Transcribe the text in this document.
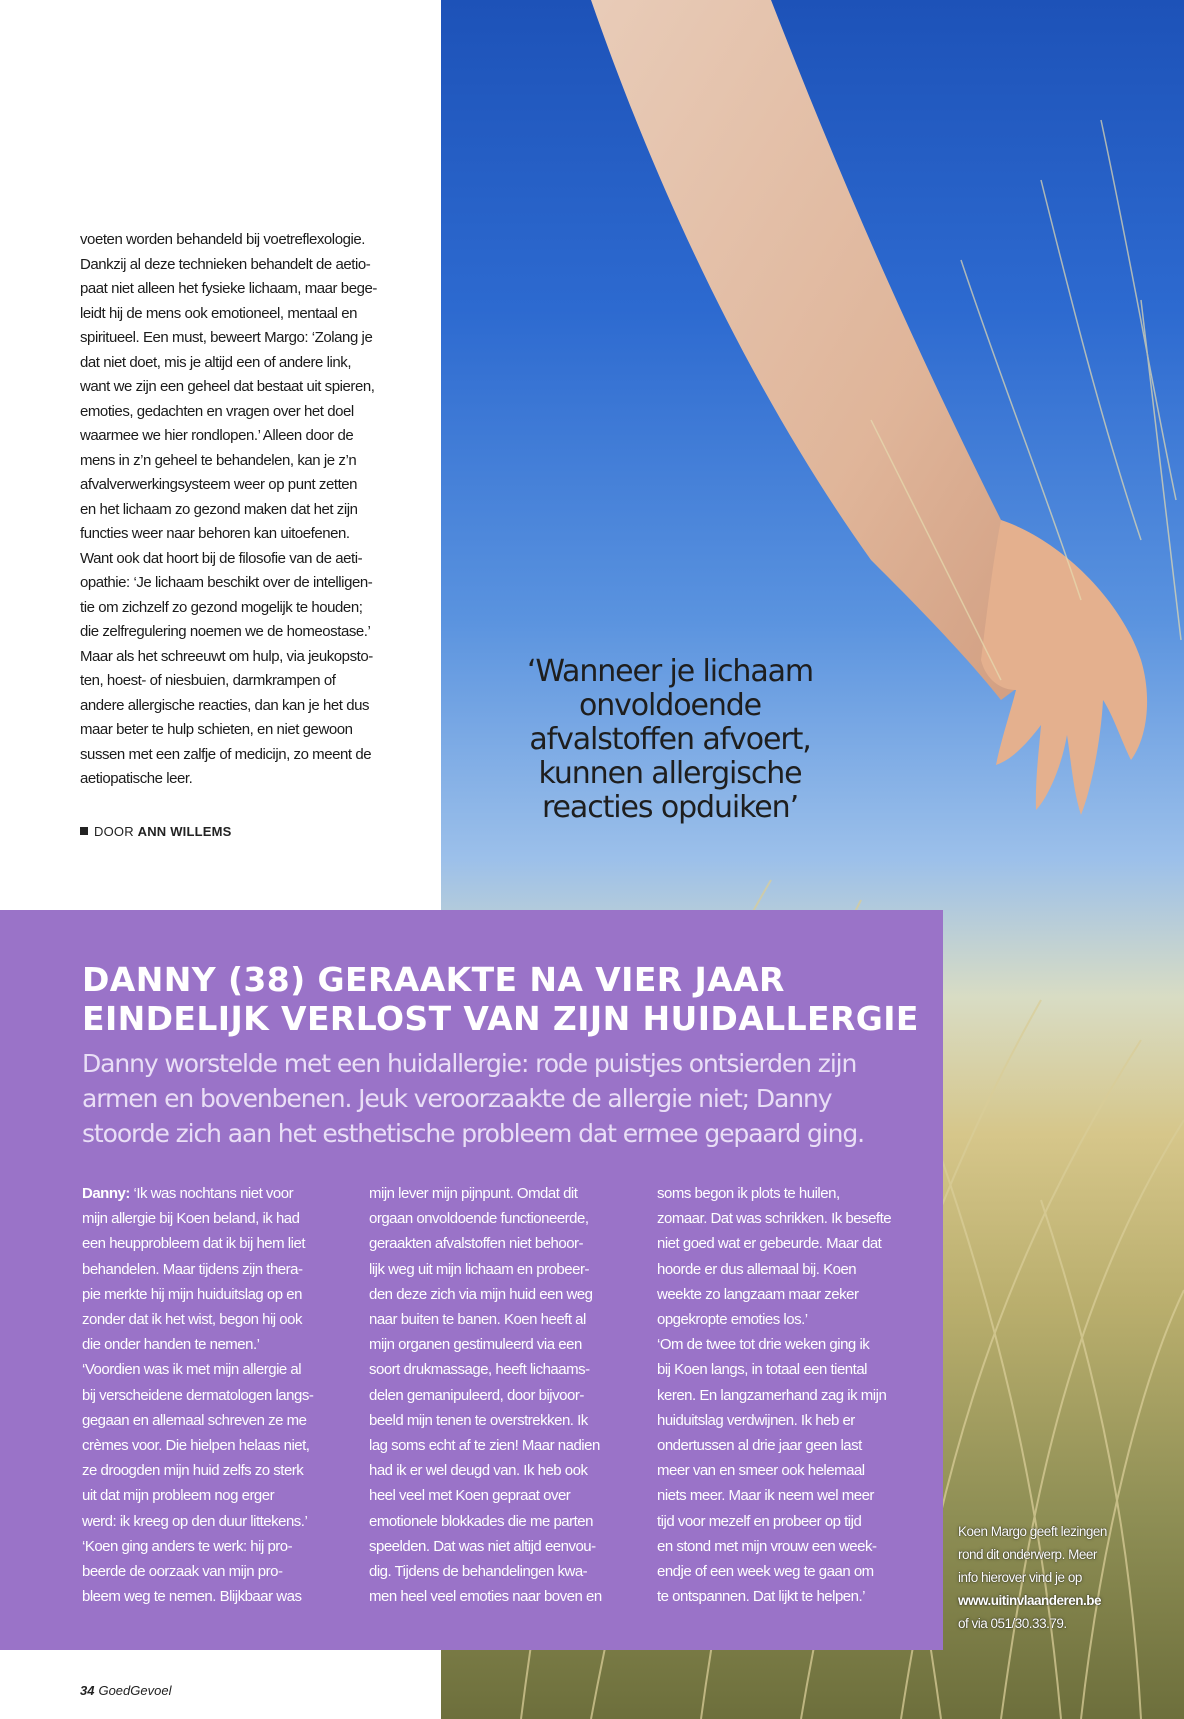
voeten worden behandeld bij voetreflexologie.
Dankzij al deze technieken behandelt de aetio-
paat niet alleen het fysieke lichaam, maar bege-
leidt hij de mens ook emotioneel, mentaal en
spiritueel. Een must, beweert Margo: ‘Zolang je
dat niet doet, mis je altijd een of andere link,
want we zijn een geheel dat bestaat uit spieren,
emoties, gedachten en vragen over het doel
waarmee we hier rondlopen.’ Alleen door de
mens in z’n geheel te behandelen, kan je z’n
afvalverwerkingsysteem weer op punt zetten
en het lichaam zo gezond maken dat het zijn
functies weer naar behoren kan uitoefenen.
Want ook dat hoort bij de filosofie van de aeti-
opathie: ‘Je lichaam beschikt over de intelligen-
tie om zichzelf zo gezond mogelijk te houden;
die zelfregulering noemen we de homeostase.’
Maar als het schreeuwt om hulp, via jeukopsto-
ten, hoest- of niesbuien, darmkrampen of
andere allergische reacties, dan kan je het dus
maar beter te hulp schieten, en niet gewoon
sussen met een zalfje of medicijn, zo meent de
aetiopatische leer.
DOOR ANN WILLEMS
‘Wanneer je lichaam
onvoldoende
afvalstoffen afvoert,
kunnen allergische
reacties opduiken’
DANNY (38) GERAAKTE NA VIER JAAR
EINDELIJK VERLOST VAN ZIJN HUIDALLERGIE
Danny worstelde met een huidallergie: rode puistjes ontsierden zijn
armen en bovenbenen. Jeuk veroorzaakte de allergie niet; Danny
stoorde zich aan het esthetische probleem dat ermee gepaard ging.
Danny: ‘Ik was nochtans niet voor
mijn allergie bij Koen beland, ik had
een heupprobleem dat ik bij hem liet
behandelen. Maar tijdens zijn thera-
pie merkte hij mijn huiduitslag op en
zonder dat ik het wist, begon hij ook
die onder handen te nemen.’
‘Voordien was ik met mijn allergie al
bij verscheidene dermatologen langs-
gegaan en allemaal schreven ze me
crèmes voor. Die hielpen helaas niet,
ze droogden mijn huid zelfs zo sterk
uit dat mijn probleem nog erger
werd: ik kreeg op den duur littekens.’
‘Koen ging anders te werk: hij pro-
beerde de oorzaak van mijn pro-
bleem weg te nemen. Blijkbaar was
mijn lever mijn pijnpunt. Omdat dit
orgaan onvoldoende functioneerde,
geraakten afvalstoffen niet behoor-
lijk weg uit mijn lichaam en probeer-
den deze zich via mijn huid een weg
naar buiten te banen. Koen heeft al
mijn organen gestimuleerd via een
soort drukmassage, heeft lichaams-
delen gemanipuleerd, door bijvoor-
beeld mijn tenen te overstrekken. Ik
lag soms echt af te zien! Maar nadien
had ik er wel deugd van. Ik heb ook
heel veel met Koen gepraat over
emotionele blokkades die me parten
speelden. Dat was niet altijd eenvou-
dig. Tijdens de behandelingen kwa-
men heel veel emoties naar boven en
soms begon ik plots te huilen,
zomaar. Dat was schrikken. Ik besefte
niet goed wat er gebeurde. Maar dat
hoorde er dus allemaal bij. Koen
weekte zo langzaam maar zeker
opgekropte emoties los.’
‘Om de twee tot drie weken ging ik
bij Koen langs, in totaal een tiental
keren. En langzamerhand zag ik mijn
huiduitslag verdwijnen. Ik heb er
ondertussen al drie jaar geen last
meer van en smeer ook helemaal
niets meer. Maar ik neem wel meer
tijd voor mezelf en probeer op tijd
en stond met mijn vrouw een week-
endje of een week weg te gaan om
te ontspannen. Dat lijkt te helpen.’
Koen Margo geeft lezingen
rond dit onderwerp. Meer
info hierover vind je op
www.uitinvlaanderen.be
of via 051/30.33.79.
34 GoedGevoel
